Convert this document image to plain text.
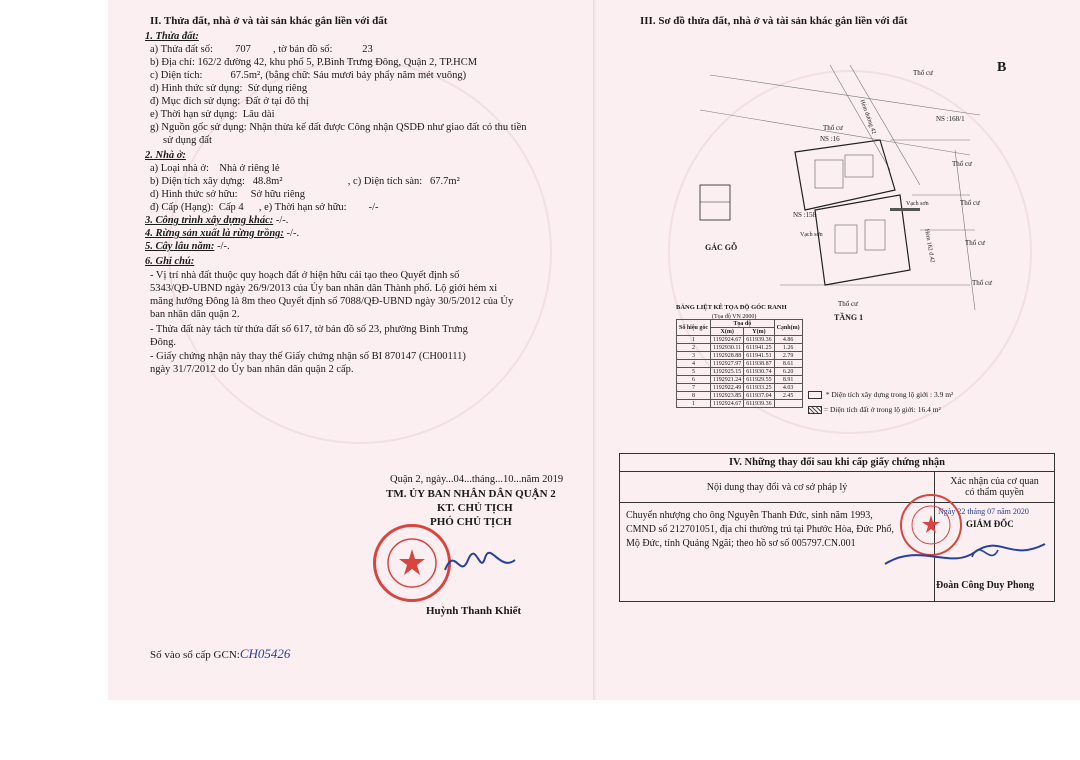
II. Thửa đất, nhà ở và tài sản khác gắn liền với đất
1. Thửa đất:
a) Thửa đất số: 707 , tờ bản đồ số:	23
b) Địa chỉ: 162/2 đường 42, khu phố 5, P.Bình Trưng Đông, Quận 2, TP.HCM
c) Diện tích:	67.5m², (bằng chữ: Sáu mươi bảy phẩy năm mét vuông)
d) Hình thức sử dụng: Sử dụng riêng
đ) Mục đích sử dụng: Đất ở tại đô thị
e) Thời hạn sử dụng: Lâu dài
g) Nguồn gốc sử dụng: Nhận thừa kế đất được Công nhận QSDĐ như giao đất có thu tiền
sử dụng đất
2. Nhà ở:
a) Loại nhà ở: Nhà ở riêng lẻ
b) Diện tích xây dựng: 48.8m²	, c) Diện tích sàn: 67.7m²
d) Hình thức sở hữu: Sở hữu riêng
đ) Cấp (Hạng): Cấp 4 , e) Thời hạn sở hữu: -/-
3. Công trình xây dựng khác: -/-.
4. Rừng sản xuất là rừng trồng: -/-.
5. Cây lâu năm: -/-.
6. Ghi chú:
- Vị trí nhà đất thuộc quy hoạch đất ở hiện hữu cải tạo theo Quyết định số
5343/QĐ-UBND ngày 26/9/2013 của Ủy ban nhân dân Thành phố. Lộ giới hẻm xi
măng hướng Đông là 8m theo Quyết định số 7088/QĐ-UBND ngày 30/5/2012 của Ủy
ban nhân dân quận 2.
- Thửa đất này tách từ thửa đất số 617, tờ bản đồ số 23, phường Bình Trưng
Đông.
- Giấy chứng nhận này thay thế Giấy chứng nhận số BI 870147 (CH00111)
ngày 31/7/2012 do Ủy ban nhân dân quận 2 cấp.
Quận 2, ngày...04...tháng...10...năm 2019
TM. ỦY BAN NHÂN DÂN QUẬN 2
KT. CHỦ TỊCH
PHÓ CHỦ TỊCH
Huỳnh Thanh Khiết
Số vào sổ cấp GCN:CH05426
III. Sơ đồ thửa đất, nhà ở và tài sản khác gắn liền với đất
B
Thổ cư
NS :16
NS :168/1
Thổ cư
Thổ cư
Thổ cư
Thổ cư
Thổ cư
Thổ cư
NS :158
Vạch sơn
Vạch sơn
GÁC GỖ
TẦNG 1
Hẻm đường 42
Hẻm 162 đ.42
BẢNG LIỆT KÊ TỌA ĐỘ GÓC RANH
(Tọa độ VN 2000)
Số hiệu góc	Tọa độ		Cạnh(m)
	X(m)	Y(m)	
1	1192924.67	611939.36	4.86
2	1192930.11	611941.25	1.26
3	1192928.88	611941.51	2.79
4	1192927.97	611938.87	8.61
5	1192925.15	611930.74	6.20
6	1192921.24	611929.55	8.91
7	1192922.49	611933.25	4.03
8	1192923.85	611937.04	2.45
1	1192924.67	611939.36	
* Diện tích xây dựng trong lộ giới : 3.9 m²
= Diện tích đất ở trong lộ giới: 16.4 m²
IV. Những thay đổi sau khi cấp giấy chứng nhận
Nội dung thay đổi và cơ sở pháp lý	Xác nhận của cơ quan
có thẩm quyền
Chuyển nhượng cho ông Nguyễn Thanh Đức, sinh năm 1993,
CMND số 212701051, địa chỉ thường trú tại Phước Hòa, Đức Phổ,
Mộ Đức, tỉnh Quảng Ngãi; theo hồ sơ số 005797.CN.001
Ngày 22 tháng 07 năm 2020
GIÁM ĐỐC
Đoàn Công Duy Phong
